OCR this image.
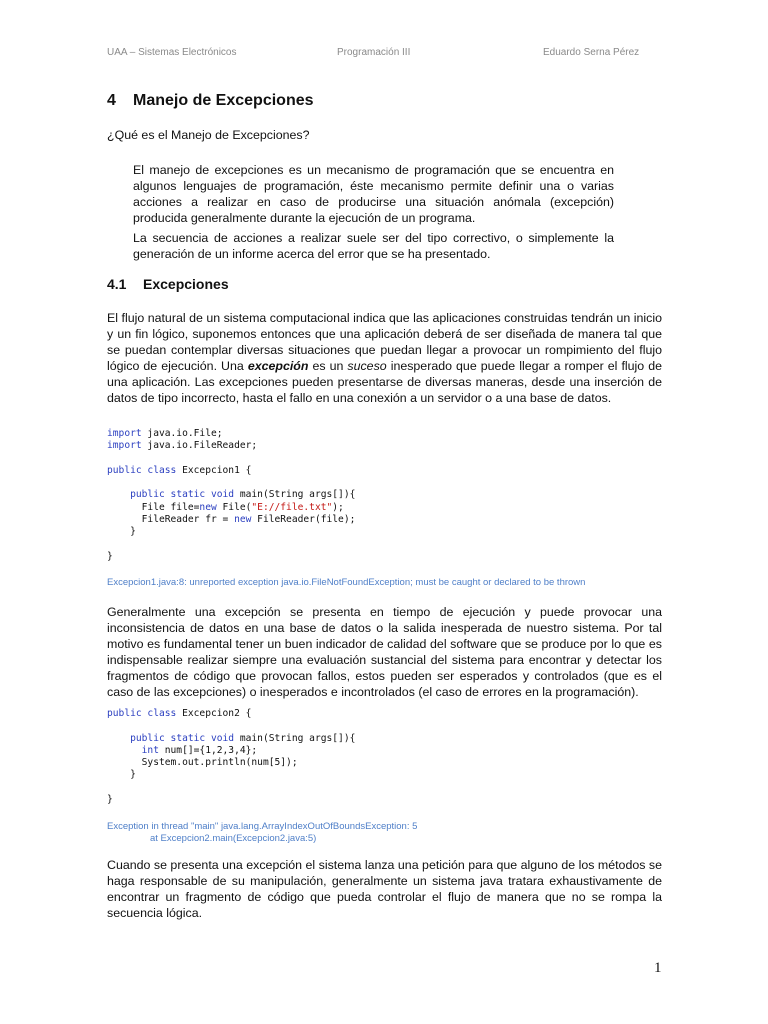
UAA – Sistemas Electrónicos	Programación III	Eduardo Serna Pérez
4 Manejo de Excepciones
¿Qué es el Manejo de Excepciones?
El manejo de excepciones es un mecanismo de programación que se encuentra en algunos lenguajes de programación, éste mecanismo permite definir una o varias acciones a realizar en caso de producirse una situación anómala (excepción) producida generalmente durante la ejecución de un programa.
La secuencia de acciones a realizar suele ser del tipo correctivo, o simplemente la generación de un informe acerca del error que se ha presentado.
4.1 Excepciones
El flujo natural de un sistema computacional indica que las aplicaciones construidas tendrán un inicio y un fin lógico, suponemos entonces que una aplicación deberá de ser diseñada de manera tal que se puedan contemplar diversas situaciones que puedan llegar a provocar un rompimiento del flujo lógico de ejecución. Una excepción es un suceso inesperado que puede llegar a romper el flujo de una aplicación. Las excepciones pueden presentarse de diversas maneras, desde una inserción de datos de tipo incorrecto, hasta el fallo en una conexión a un servidor o a una base de datos.
import java.io.File;
import java.io.FileReader;

public class Excepcion1 {

public static void main(String args[]){
File file=new File("E://file.txt");
FileReader fr = new FileReader(file);
}

}
Excepcion1.java:8: unreported exception java.io.FileNotFoundException; must be caught or declared to be thrown
Generalmente una excepción se presenta en tiempo de ejecución y puede provocar una inconsistencia de datos en una base de datos o la salida inesperada de nuestro sistema. Por tal motivo es fundamental tener un buen indicador de calidad del software que se produce por lo que es indispensable realizar siempre una evaluación sustancial del sistema para encontrar y detectar los fragmentos de código que provocan fallos, estos pueden ser esperados y controlados (que es el caso de las excepciones) o inesperados e incontrolados (el caso de errores en la programación).
public class Excepcion2 {

public static void main(String args[]){
int num[]={1,2,3,4};
System.out.println(num[5]);
}

}
Exception in thread "main" java.lang.ArrayIndexOutOfBoundsException: 5
at Excepcion2.main(Excepcion2.java:5)
Cuando se presenta una excepción el sistema lanza una petición para que alguno de los métodos se haga responsable de su manipulación, generalmente un sistema java tratara exhaustivamente de encontrar un fragmento de código que pueda controlar el flujo de manera que no se rompa la secuencia lógica.
1
